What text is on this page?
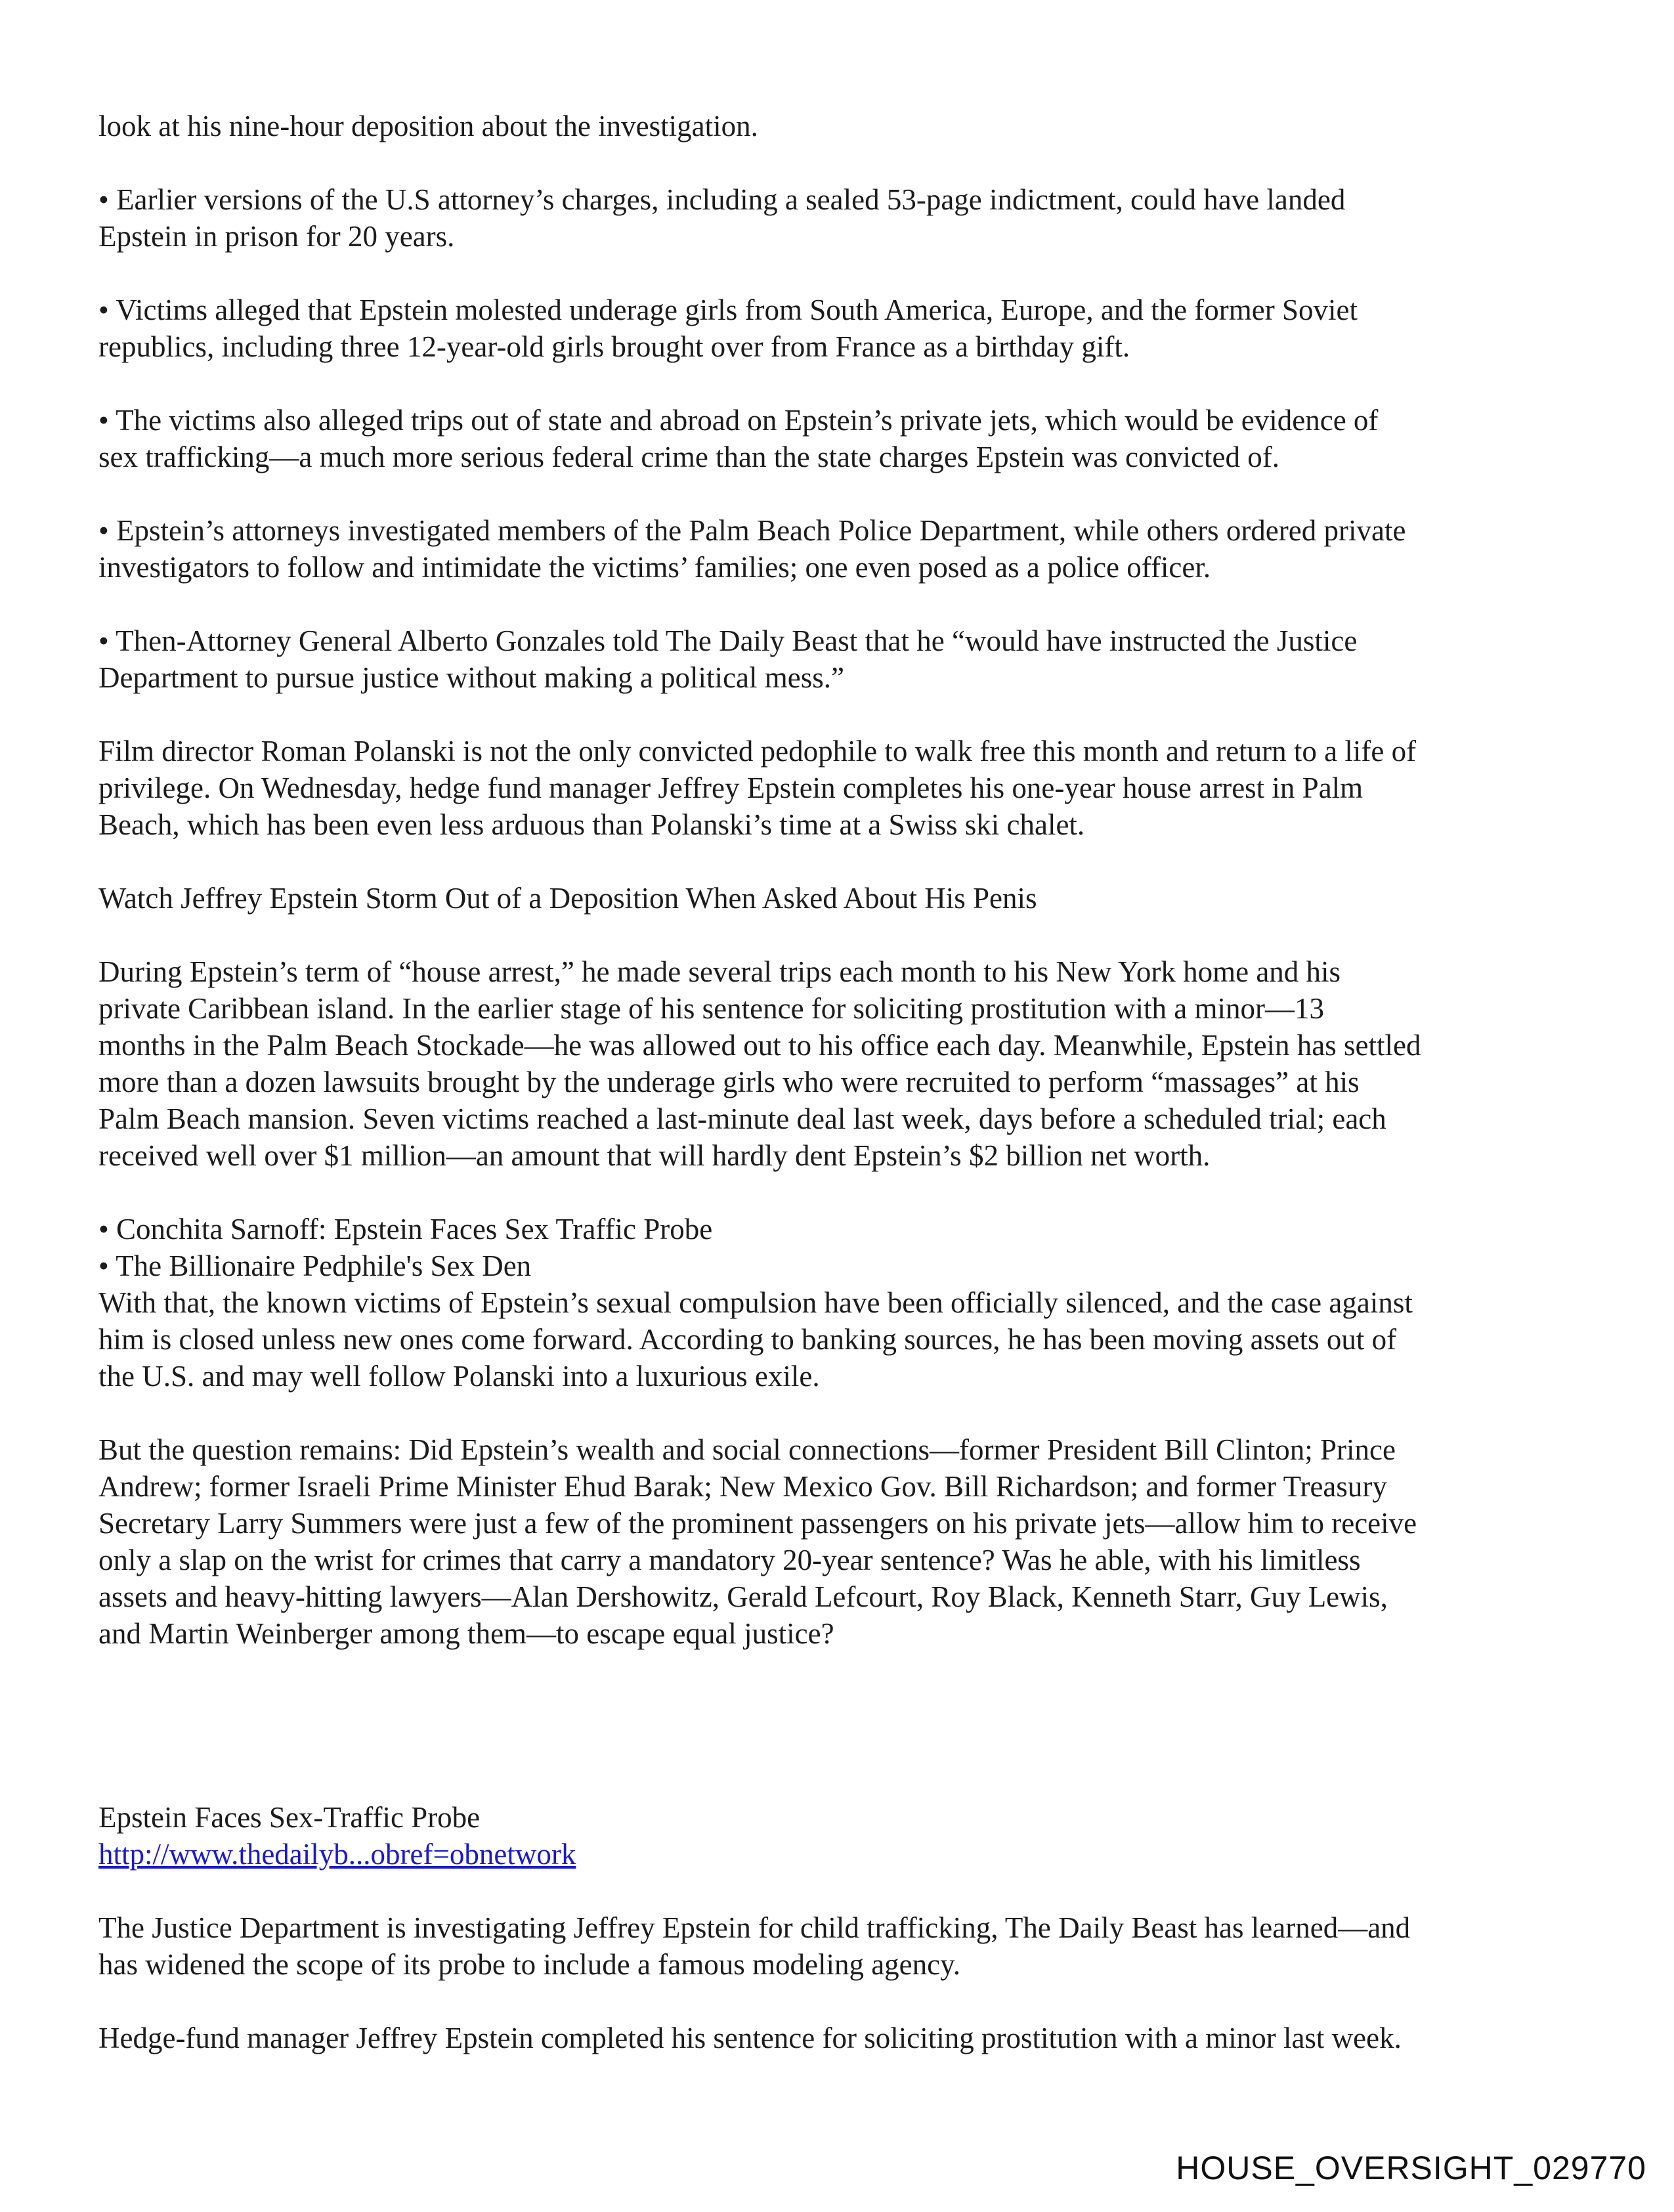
look at his nine-hour deposition about the investigation.
• Earlier versions of the U.S attorney’s charges, including a sealed 53-page indictment, could have landed
Epstein in prison for 20 years.
• Victims alleged that Epstein molested underage girls from South America, Europe, and the former Soviet
republics, including three 12-year-old girls brought over from France as a birthday gift.
• The victims also alleged trips out of state and abroad on Epstein’s private jets, which would be evidence of
sex trafficking—a much more serious federal crime than the state charges Epstein was convicted of.
• Epstein’s attorneys investigated members of the Palm Beach Police Department, while others ordered private
investigators to follow and intimidate the victims’ families; one even posed as a police officer.
• Then-Attorney General Alberto Gonzales told The Daily Beast that he “would have instructed the Justice
Department to pursue justice without making a political mess.”
Film director Roman Polanski is not the only convicted pedophile to walk free this month and return to a life of
privilege. On Wednesday, hedge fund manager Jeffrey Epstein completes his one-year house arrest in Palm
Beach, which has been even less arduous than Polanski’s time at a Swiss ski chalet.
Watch Jeffrey Epstein Storm Out of a Deposition When Asked About His Penis
During Epstein’s term of “house arrest,” he made several trips each month to his New York home and his
private Caribbean island. In the earlier stage of his sentence for soliciting prostitution with a minor—13
months in the Palm Beach Stockade—he was allowed out to his office each day. Meanwhile, Epstein has settled
more than a dozen lawsuits brought by the underage girls who were recruited to perform “massages” at his
Palm Beach mansion. Seven victims reached a last-minute deal last week, days before a scheduled trial; each
received well over $1 million—an amount that will hardly dent Epstein’s $2 billion net worth.
• Conchita Sarnoff: Epstein Faces Sex Traffic Probe
• The Billionaire Pedphile's Sex Den
With that, the known victims of Epstein’s sexual compulsion have been officially silenced, and the case against
him is closed unless new ones come forward. According to banking sources, he has been moving assets out of
the U.S. and may well follow Polanski into a luxurious exile.
But the question remains: Did Epstein’s wealth and social connections—former President Bill Clinton; Prince
Andrew; former Israeli Prime Minister Ehud Barak; New Mexico Gov. Bill Richardson; and former Treasury
Secretary Larry Summers were just a few of the prominent passengers on his private jets—allow him to receive
only a slap on the wrist for crimes that carry a mandatory 20-year sentence? Was he able, with his limitless
assets and heavy-hitting lawyers—Alan Dershowitz, Gerald Lefcourt, Roy Black, Kenneth Starr, Guy Lewis,
and Martin Weinberger among them—to escape equal justice?
Epstein Faces Sex-Traffic Probe
http://www.thedailyb...obref=obnetwork
The Justice Department is investigating Jeffrey Epstein for child trafficking, The Daily Beast has learned—and
has widened the scope of its probe to include a famous modeling agency.
Hedge-fund manager Jeffrey Epstein completed his sentence for soliciting prostitution with a minor last week.
HOUSE_OVERSIGHT_029770
